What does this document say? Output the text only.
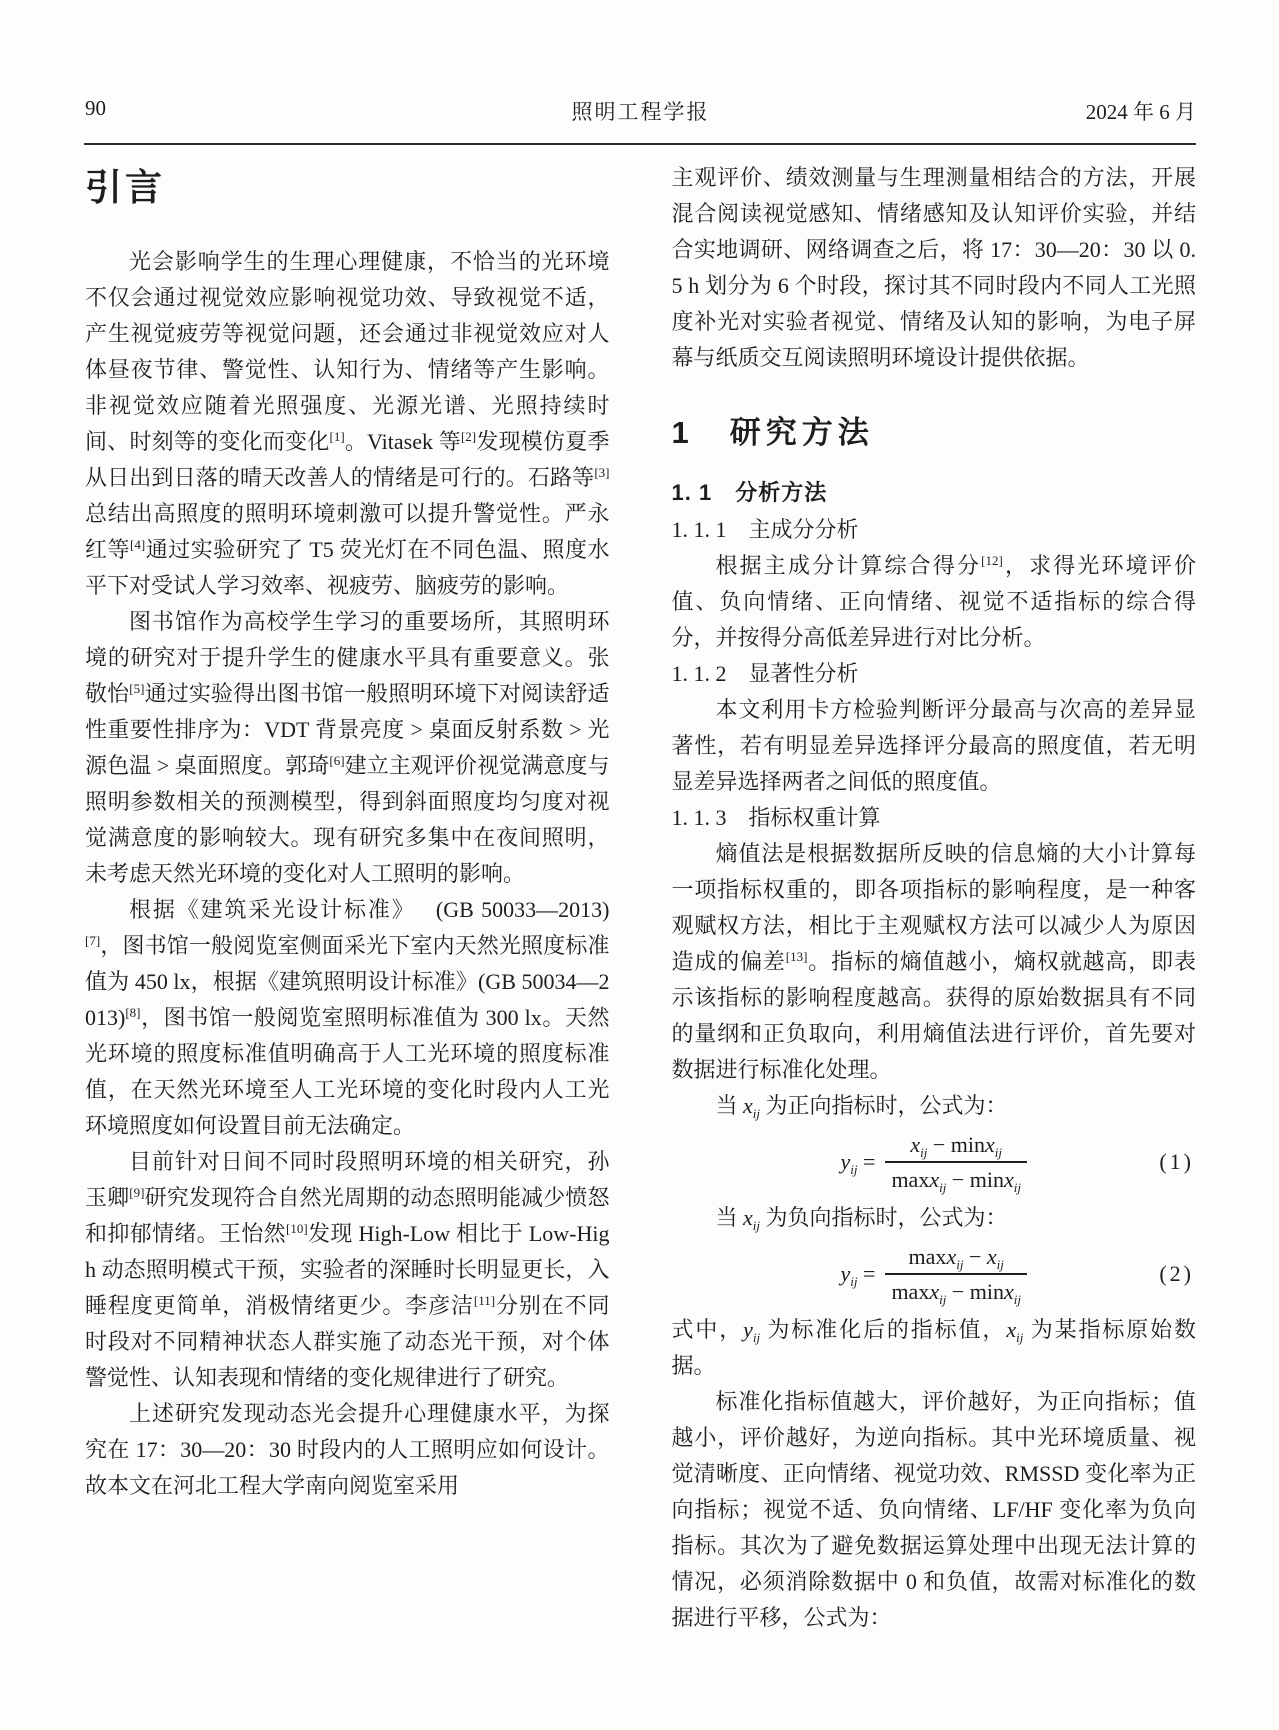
90	照明工程学报	2024 年 6 月
引言

光会影响学生的生理心理健康，不恰当的光环境不仅会通过视觉效应影响视觉功效、导致视觉不适，产生视觉疲劳等视觉问题，还会通过非视觉效应对人体昼夜节律、警觉性、认知行为、情绪等产生影响。非视觉效应随着光照强度、光源光谱、光照持续时间、时刻等的变化而变化[1]。Vitasek 等[2]发现模仿夏季从日出到日落的晴天改善人的情绪是可行的。石路等[3]总结出高照度的照明环境刺激可以提升警觉性。严永红等[4]通过实验研究了 T5 荧光灯在不同色温、照度水平下对受试人学习效率、视疲劳、脑疲劳的影响。

图书馆作为高校学生学习的重要场所，其照明环境的研究对于提升学生的健康水平具有重要意义。张敬怡[5]通过实验得出图书馆一般照明环境下对阅读舒适性重要性排序为：VDT 背景亮度 > 桌面反射系数 > 光源色温 > 桌面照度。郭琦[6]建立主观评价视觉满意度与照明参数相关的预测模型，得到斜面照度均匀度对视觉满意度的影响较大。现有研究多集中在夜间照明，未考虑天然光环境的变化对人工照明的影响。

根据《建筑采光设计标准》　 (GB 50033—2013)[7]，图书馆一般阅览室侧面采光下室内天然光照度标准值为 450 lx，根据《建筑照明设计标准》(GB 50034—2013)[8]，图书馆一般阅览室照明标准值为 300 lx。天然光环境的照度标准值明确高于人工光环境的照度标准值，在天然光环境至人工光环境的变化时段内人工光环境照度如何设置目前无法确定。

目前针对日间不同时段照明环境的相关研究，孙玉卿[9]研究发现符合自然光周期的动态照明能减少愤怒和抑郁情绪。王怡然[10]发现 High-Low 相比于 Low-High 动态照明模式干预，实验者的深睡时长明显更长，入睡程度更简单，消极情绪更少。李彦洁[11]分别在不同时段对不同精神状态人群实施了动态光干预，对个体警觉性、认知表现和情绪的变化规律进行了研究。

上述研究发现动态光会提升心理健康水平，为探究在 17：30—20：30 时段内的人工照明应如何设计。故本文在河北工程大学南向阅览室采用

主观评价、绩效测量与生理测量相结合的方法，开展混合阅读视觉感知、情绪感知及认知评价实验，并结合实地调研、网络调查之后，将 17：30—20：30 以 0.5 h 划分为 6 个时段，探讨其不同时段内不同人工光照度补光对实验者视觉、情绪及认知的影响，为电子屏幕与纸质交互阅读照明环境设计提供依据。

1　研究方法
1. 1　分析方法
1. 1. 1　主成分分析

根据主成分计算综合得分[12]，求得光环境评价值、负向情绪、正向情绪、视觉不适指标的综合得分，并按得分高低差异进行对比分析。

1. 1. 2　显著性分析

本文利用卡方检验判断评分最高与次高的差异显著性，若有明显差异选择评分最高的照度值，若无明显差异选择两者之间低的照度值。

1. 1. 3　指标权重计算

熵值法是根据数据所反映的信息熵的大小计算每一项指标权重的，即各项指标的影响程度，是一种客观赋权方法，相比于主观赋权方法可以减少人为原因造成的偏差[13]。指标的熵值越小，熵权就越高，即表示该指标的影响程度越高。获得的原始数据具有不同的量纲和正负取向，利用熵值法进行评价，首先要对数据进行标准化处理。

当 $x_{ij}$ 为正向指标时，公式为：

$y_{ij} = \frac{x_{ij} - \min x_{ij}}{\max x_{ij} - \min x_{ij}}$	(1)

当 $x_{ij}$ 为负向指标时，公式为：

$y_{ij} = \frac{\max x_{ij} - x_{ij}}{\max x_{ij} - \min x_{ij}}$	(2)

式中，$y_{ij}$ 为标准化后的指标值，$x_{ij}$ 为某指标原始数据。

标准化指标值越大，评价越好，为正向指标；值越小，评价越好，为逆向指标。其中光环境质量、视觉清晰度、正向情绪、视觉功效、RMSSD 变化率为正向指标；视觉不适、负向情绪、LF/HF 变化率为负向指标。其次为了避免数据运算处理中出现无法计算的情况，必须消除数据中 0 和负值，故需对标准化的数据进行平移，公式为：
